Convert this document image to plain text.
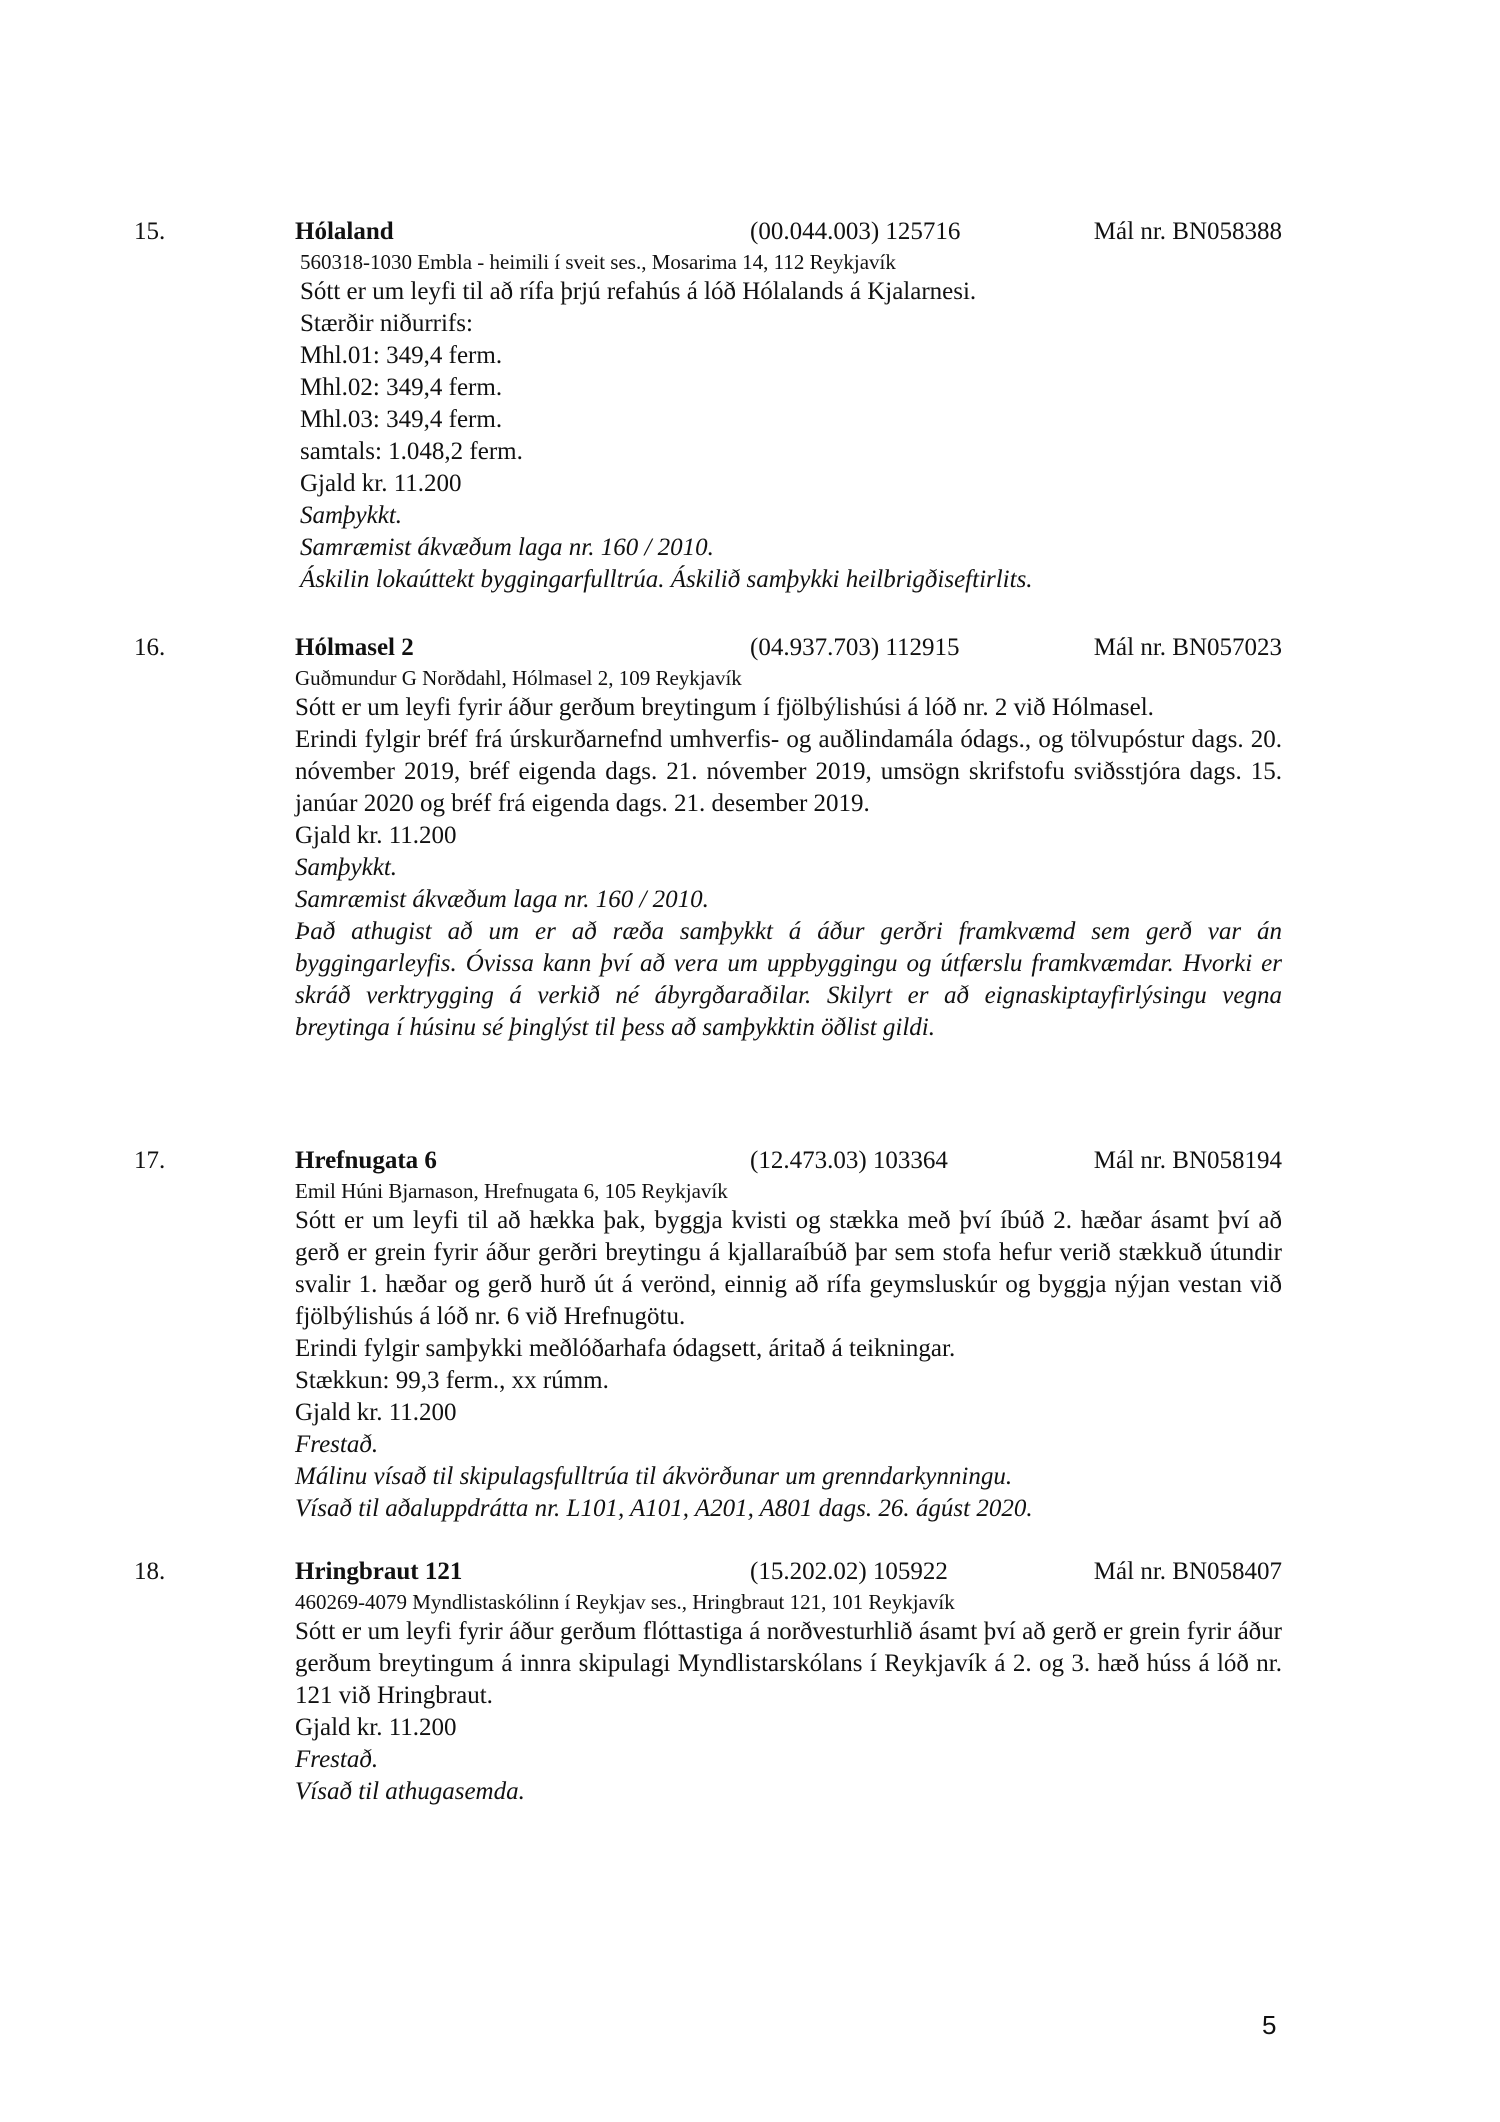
15.	Hólaland	(00.044.003) 125716	Mál nr. BN058388
560318-1030 Embla - heimili í sveit ses., Mosarima 14, 112 Reykjavík
Sótt er um leyfi til að rífa þrjú refahús á lóð Hólalands á Kjalarnesi.
Stærðir niðurrifs:
Mhl.01: 349,4 ferm.
Mhl.02: 349,4 ferm.
Mhl.03: 349,4 ferm.
samtals: 1.048,2 ferm.
Gjald kr. 11.200
Samþykkt.
Samræmist ákvæðum laga nr. 160 / 2010.
Áskilin lokaúttekt byggingarfulltrúa. Áskilið samþykki heilbrigðiseftirlits.
16.	Hólmasel 2	(04.937.703) 112915	Mál nr. BN057023
Guðmundur G Norðdahl, Hólmasel 2, 109 Reykjavík
Sótt er um leyfi fyrir áður gerðum breytingum í fjölbýlishúsi á lóð nr. 2 við Hólmasel.
Erindi fylgir bréf frá úrskurðarnefnd umhverfis- og auðlindamála ódags., og tölvupóstur dags. 20. nóvember 2019, bréf eigenda dags. 21. nóvember 2019, umsögn skrifstofu sviðsstjóra dags. 15. janúar 2020 og bréf frá eigenda dags. 21. desember 2019.
Gjald kr. 11.200
Samþykkt.
Samræmist ákvæðum laga nr. 160 / 2010.
Það athugist að um er að ræða samþykkt á áður gerðri framkvæmd sem gerð var án byggingarleyfis. Óvissa kann því að vera um uppbyggingu og útfærslu framkvæmdar. Hvorki er skráð verktrygging á verkið né ábyrgðaraðilar. Skilyrt er að eignaskiptayfirlýsingu vegna breytinga í húsinu sé þinglýst til þess að samþykktin öðlist gildi.
17.	Hrefnugata 6	(12.473.03) 103364	Mál nr. BN058194
Emil Húni Bjarnason, Hrefnugata 6, 105 Reykjavík
Sótt er um leyfi til að hækka þak, byggja kvisti og stækka með því íbúð 2. hæðar ásamt því að gerð er grein fyrir áður gerðri breytingu á kjallaraíbúð þar sem stofa hefur verið stækkuð útundir svalir 1. hæðar og gerð hurð út á verönd, einnig að rífa geymsluskúr og byggja nýjan vestan við fjölbýlishús á lóð nr. 6 við Hrefnugötu.
Erindi fylgir samþykki meðlóðarhafa ódagsett, áritað á teikningar.
Stækkun: 99,3 ferm., xx rúmm.
Gjald kr. 11.200
Frestað.
Málinu vísað til skipulagsfulltrúa til ákvörðunar um grenndarkynningu.
Vísað til aðaluppdrátta nr. L101, A101, A201, A801 dags. 26. ágúst 2020.
18.	Hringbraut 121	(15.202.02) 105922	Mál nr. BN058407
460269-4079 Myndlistaskólinn í Reykjav ses., Hringbraut 121, 101 Reykjavík
Sótt er um leyfi fyrir áður gerðum flóttastiga á norðvesturhlið ásamt því að gerð er grein fyrir áður gerðum breytingum á innra skipulagi Myndlistarskólans í Reykjavík á 2. og 3. hæð húss á lóð nr. 121 við Hringbraut.
Gjald kr. 11.200
Frestað.
Vísað til athugasemda.
5
